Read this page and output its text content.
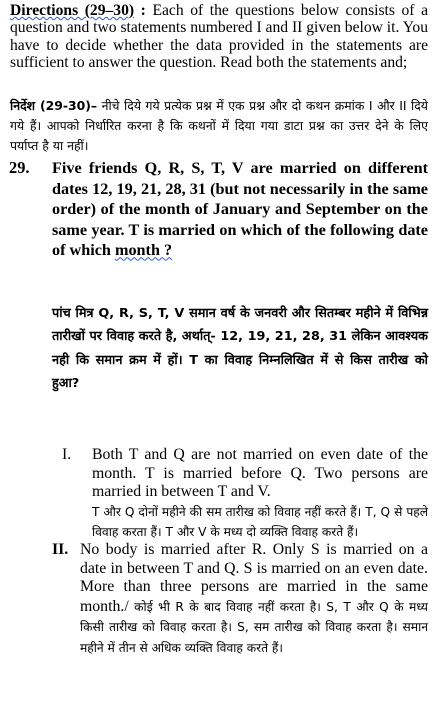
Directions (29–30) : Each of the questions below consists of a question and two statements numbered I and II given below it. You have to decide whether the data provided in the statements are sufficient to answer the question. Read both the statements and;
निर्देश (29-30)– नीचे दिये गये प्रत्येक प्रश्न में एक प्रश्न और दो कथन क्रमांक I और II दिये गये हैं। आपको निर्धारित करना है कि कथनों में दिया गया डाटा प्रश्न का उत्तर देने के लिए पर्याप्त है या नहीं।
29. Five friends Q, R, S, T, V are married on different dates 12, 19, 21, 28, 31 (but not necessarily in the same order) of the month of January and September on the same year. T is married on which of the following date of which month ?
पांच मित्र Q, R, S, T, V समान वर्ष के जनवरी और सितम्बर महीने में विभिन्न तारीखों पर विवाह करते है, अर्थात्- 12, 19, 21, 28, 31 लेकिन आवश्यक नही कि समान क्रम में हों। T का विवाह निम्नलिखित में से किस तारीख को हुआ?
I.	Both T and Q are not married on even date of the month. T is married before Q. Two persons are married in between T and V.
T और Q दोनों महीने की सम तारीख को विवाह नहीं करते हैं। T, Q से पहले विवाह करता हैं। T और V के मध्य दो व्यक्ति विवाह करते हैं।
II. No body is married after R. Only S is married on a date in between T and Q. S is married on an even date. More than three persons are married in the same month./ कोई भी R के बाद विवाह नहीं करता है। S, T और Q के मध्य किसी तारीख को विवाह करता है। S, सम तारीख को विवाह करता है। समान महीने में तीन से अधिक व्यक्ति विवाह करते हैं।
